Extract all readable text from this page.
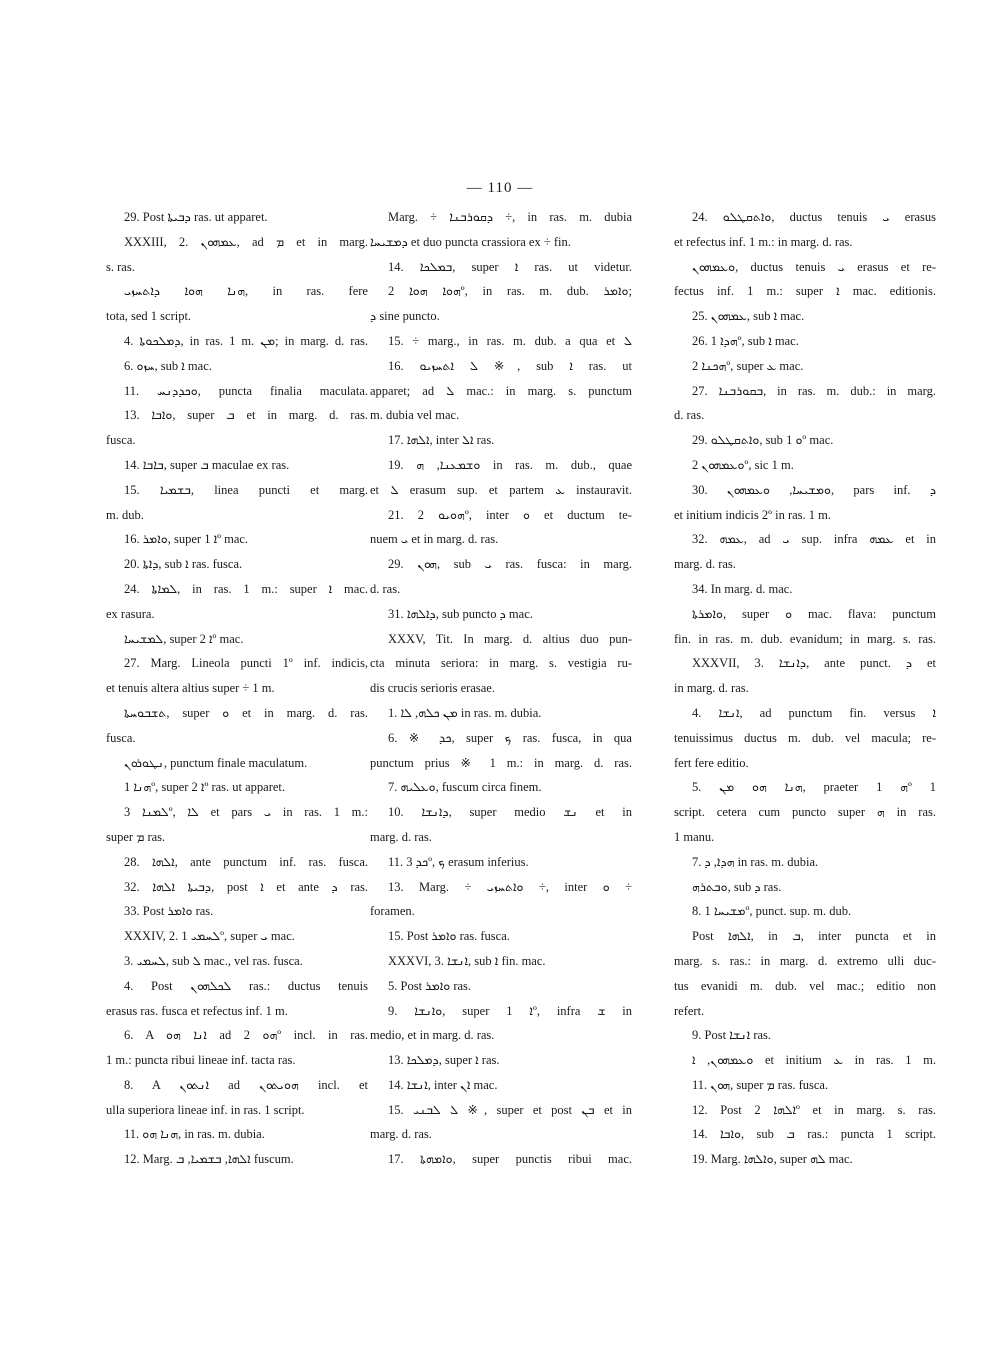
— 110 —
29. Post ܕܒܝܬܐ ras. ut apparet.
XXXIII, 2. ܥܡܗܘܢ, ad ܡ et in marg.
s. ras.
ܗܢܐ ܗܘܐ ܕܐܬܚܙܝ, in ras. fere
tota, sed 1 script.
4. ܕܡܠܟܘܬܐ, in ras. 1 m. ܡܢ; in marg. d. ras.
6. ܚܙܘ, sub ܐ mac.
11. ܘܟܕܕܢܚ, puncta finalia maculata.
13. ܘܐܒܐ, super ܒ et in marg. d. ras.
fusca.
14. ܒܐܒܐ, super ܒ maculae ex ras.
15. ܒܫܡܝܐ, linea puncti et marg.
m. dub.
16. ܘܐܡܪ, super ܐ 1º mac.
20. ܕܐܬܐ, sub ܐ ras. fusca.
24. ܠܡܐܬܐ, in ras. 1 m.: super ܐ mac.
ex rasura.
ܠܡܫܝܚܐ, super ܐ 2º mac.
27. Marg. Lineola puncti 1º inf. indicis,
et tenuis altera altius super ÷ 1 m.
ܬܫܒܘܚܬܐ, super ܘ et in marg. d. ras.
fusca.
ܢܛܘܪܘܢ, punctum finale maculatum.
ܗܢܐ 1º, super ܐ 2º ras. ut apparet.
ܠܡܢܐ 3º, ܠܐ et pars ܝ in ras. 1 m.:
super ܡ ras.
28. ܐܠܗܐ, ante punctum inf. ras. fusca.
32. ܕܒܝܬܐ ܐܠܗܐ, post ܐ et ante ܕ ras.
33. Post ܘܐܡܪ ras.
XXXIV, 2. ܠܚܡܝ 1º, super ܝ mac.
3. ܠܚܡܝ, sub ܠ mac., vel ras. fusca.
4. Post ܠܟܠܗܘܢ ras.: ductus tenuis
erasus ras. fusca et refectus inf. 1 m.
6. A ܐܢܐ ܗܘ ad ܗܘ 2º incl. in ras.
1 m.: puncta ribui lineae inf. tacta ras.
8. A ܐܢܬܘܢ ad ܗܘܝܬܘܢ incl. et
ulla superiora lineae inf. in ras. 1 script.
11. ܗܢܐ ܗܘ, in ras. m. dubia.
12. Marg. ܐܠܗܐ, ܒܫܡܝܐ, ܒ fuscum.
Marg. ÷ ܕܩܘܪܒܢܐ ÷, in ras. m. dubia
ܕܡܫܝܚܐ et duo puncta crassiora ex ÷ fin.
14. ܒܡܠܟܐ, super ܐ ras. ut videtur.
ܗܘܐ ܗܘܐ 2º, in ras. m. dub. ܘܐܡܪ;
ܕ sine puncto.
15. ÷ marg., in ras. m. dub. a qua et ܠ
16. ܠ ܐܬܚܙܝܘ ※, sub ܐ ras. ut
apparet; ad ܠ mac.: in marg. s. punctum
m. dubia vel mac.
17. ܐܠܗܐ, inter ܐܠ ras.
19. ܘܫܡܥܢܐ, ܗ in ras. m. dub., quae
et ܠ erasum sup. et partem ܥ instauravit.
21. ܗܘܝܘ 2º, inter ܘ et ductum te-
nuem ܝ et in marg. d. ras.
29. ܗܘܢ, sub ܝ ras. fusca: in marg.
d. ras.
31. ܕܐܠܗܐ, sub puncto ܕ mac.
XXXV, Tit. In marg. d. altius duo pun-
cta minuta seriora: in marg. s. vestigia ru-
dis crucis serioris erasae.
1. ܡܢ ܟܠܗ, ܠܐ in ras. m. dubia.
6. ※ ܟܕ, super ܟ ras. fusca, in qua
punctum prius ※ 1 m.: in marg. d. ras.
7. ܘܥܠܝܗ, fuscum circa finem.
10. ܕܐܢܫܐ, super medio ܢܫ et in
marg. d. ras.
11. ܟܕ 3º, ܟ erasum inferius.
13. Marg. ÷ ܘܐܬܚܙܝ ÷, inter ܘ ÷
foramen.
15. Post ܘܐܡܪ ras. fusca.
XXXVI, 3. ܐܢܫܐ, sub ܐ fin. mac.
5. Post ܘܐܡܪ ras.
9. ܘܐܢܫܐ, super ܐ 1º, infra ܫ in
medio, et in marg. d. ras.
13. ܕܡܠܟܐ, super ܐ ras.
14. ܐܢܫܐ, inter ܐܢ mac.
15. ܠ ܠܒܢܝ ※, super et post ܒܢ et in
marg. d. ras.
17. ܘܐܡܗܬܐ, super punctis ribui mac.
24. ܘܐܬܩܛܠܘ, ductus tenuis ܝ erasus
et refectus inf. 1 m.: in marg. d. ras.
ܘܥܡܗܘܢ, ductus tenuis ܝ erasus et re-
fectus inf. 1 m.: super ܐ mac. editionis.
25. ܥܡܗܘܢ, sub ܐ mac.
26. ܗܕܐ 1º, sub ܐ mac.
ܗܟܢܐ 2º, super ܥ mac.
27. ܒܩܘܪܒܢܐ, in ras. m. dub.: in marg.
d. ras.
29. ܘܐܬܩܛܠܘ, sub ܘ 1º mac.
ܘܥܡܗܘܢ 2º, sic 1 m.
30. ܘܡܫܝܚܐ, ܘܥܡܗܘܢ, pars inf. ܕ
et initium indicis 2º in ras. 1 m.
32. ܥܡܗ, ad ܝ sup. infra ܥܡܗ et in
marg. d. ras.
34. In marg. d. mac.
ܘܐܡܪܬܐ, super ܘ mac. flava: punctum
fin. in ras. m. dub. evanidum; in marg. s. ras.
XXXVII, 3. ܕܐܢܫܐ, ante punct. ܕ et
in marg. d. ras.
4. ܐܢܫܐ, ad punctum fin. versus ܐ
tenuissimus ductus m. dub. vel macula; re-
fert fere editio.
5. ܗܢܐ ܗܘ ܡܢ, praeter ܗ 1º 1
script. cetera cum puncto super ܗ in ras.
1 manu.
7. ܗܕܐ, ܕ in ras. m. dubia.
ܘܒܬܪܗ, sub ܕ ras.
8. ܡܫܝܚܐ 1º, punct. sup. m. dub.
Post ܐܠܗܐ, in ܒ, inter puncta et in
marg. s. ras.: in marg. d. extremo ulli duc-
tus evanidi m. dub. vel mac.; editio non
refert.
9. Post ܐܢܫܐ ras.
ܘܥܡܗܘܢ, ܐ et initium ܥ in ras. 1 m.
11. ܗܘܢ, super ܡ ras. fusca.
12. Post ܐܠܗܐ 2º et in marg. s. ras.
14. ܘܐܒܐ, sub ܒ ras.: puncta 1 script.
19. Marg. ܘܐܠܗܐ, super ܠܗ mac.
